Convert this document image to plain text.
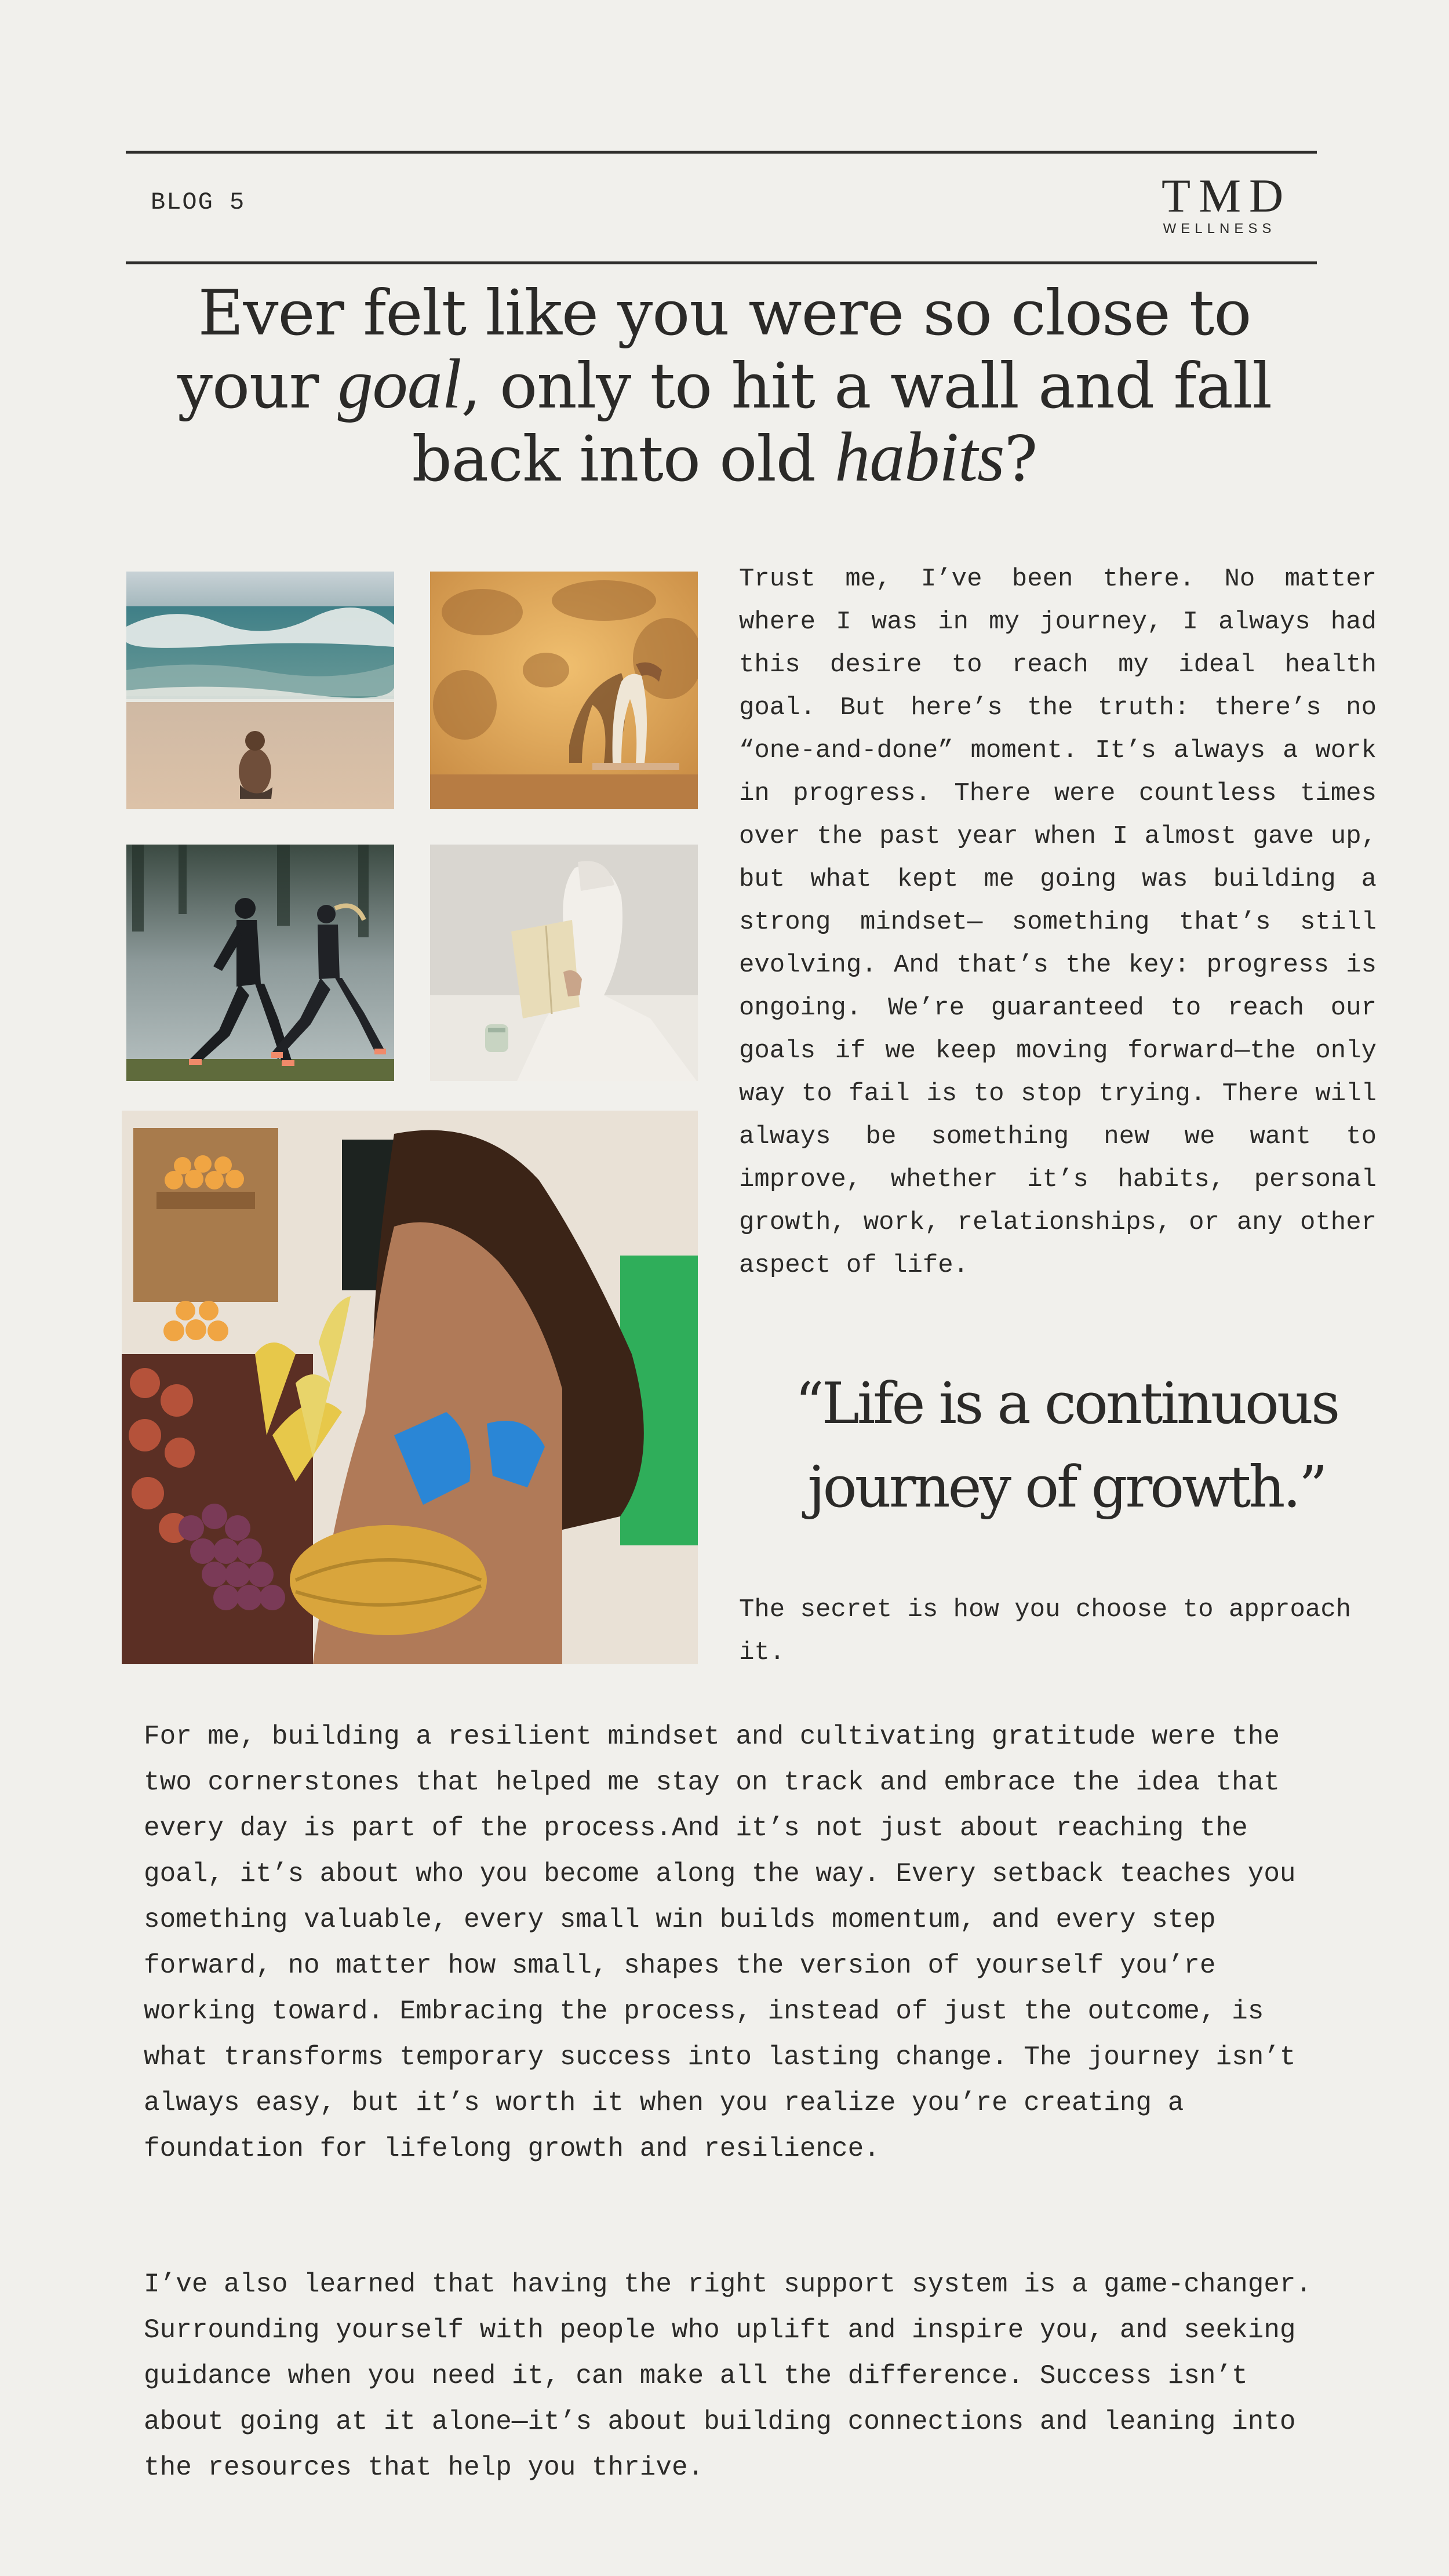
BLOG 5	TMD
WELLNESS
Ever felt like you were so close to your goal, only to hit a wall and fall back into old habits?

Trust me, I’ve been there. No matter where I was in my journey, I always had this desire to reach my ideal health goal. But here’s the truth: there’s no “one-and-done” moment. It’s always a work in progress. There were countless times over the past year when I almost gave up, but what kept me going was building a strong mindset— something that’s still evolving. And that’s the key: progress is ongoing. We’re guaranteed to reach our goals if we keep moving forward—the only way to fail is to stop trying. There will always be something new we want to improve, whether it’s habits, personal growth, work, relationships, or any other aspect of life.

“Life is a continuous journey of growth.”

The secret is how you choose to approach it.

For me, building a resilient mindset and cultivating gratitude were the two cornerstones that helped me stay on track and embrace the idea that every day is part of the process.And it’s not just about reaching the goal, it’s about who you become along the way. Every setback teaches you something valuable, every small win builds momentum, and every step forward, no matter how small, shapes the version of yourself you’re working toward. Embracing the process, instead of just the outcome, is what transforms temporary success into lasting change. The journey isn’t always easy, but it’s worth it when you realize you’re creating a foundation for lifelong growth and resilience.

I’ve also learned that having the right support system is a game-changer. Surrounding yourself with people who uplift and inspire you, and seeking guidance when you need it, can make all the difference. Success isn’t about going at it alone—it’s about building connections and leaning into the resources that help you thrive.
